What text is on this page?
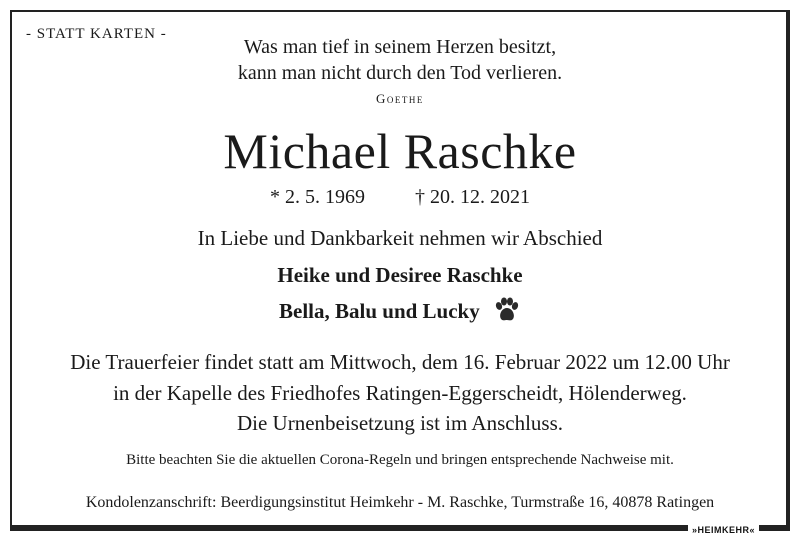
- STATT KARTEN -
Was man tief in seinem Herzen besitzt,
kann man nicht durch den Tod verlieren.
Goethe
Michael Raschke
* 2. 5. 1969	† 20. 12. 2021
In Liebe und Dankbarkeit nehmen wir Abschied
Heike und Desiree Raschke
Bella, Balu und Lucky
Die Trauerfeier findet statt am Mittwoch, dem 16. Februar 2022 um 12.00 Uhr
in der Kapelle des Friedhofes Ratingen-Eggerscheidt, Hölenderweg.
Die Urnenbeisetzung ist im Anschluss.
Bitte beachten Sie die aktuellen Corona-Regeln und bringen entsprechende Nachweise mit.
Kondolenzanschrift: Beerdigungsinstitut Heimkehr - M. Raschke, Turmstraße 16, 40878 Ratingen
»HEIMKEHR«
